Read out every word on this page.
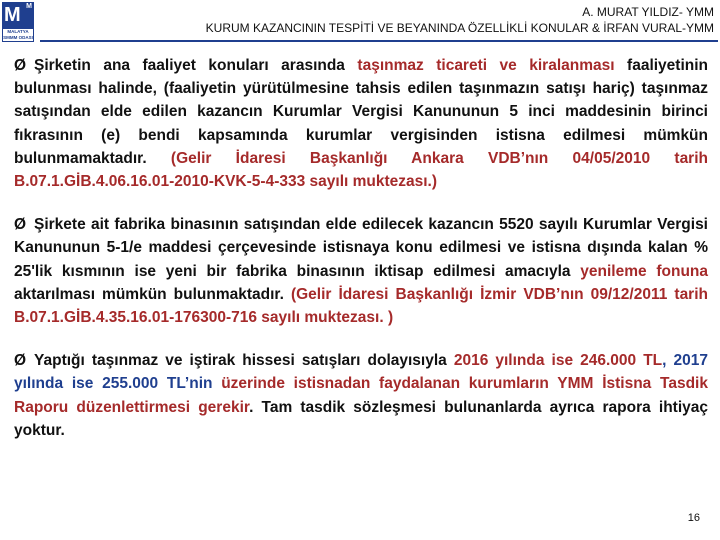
M M
MALATYA
SMMM ODASI
A. MURAT YILDIZ- YMM
KURUM KAZANCININ TESPİTİ VE BEYANINDA ÖZELLİKLİ KONULAR & İRFAN VURAL-YMM

Ø Şirketin ana faaliyet konuları arasında taşınmaz ticareti ve kiralanması faaliyetinin bulunması halinde, (faaliyetin yürütülmesine tahsis edilen taşınmazın satışı hariç) taşınmaz satışından elde edilen kazancın Kurumlar Vergisi Kanununun 5 inci maddesinin birinci fıkrasının (e) bendi kapsamında kurumlar vergisinden istisna edilmesi mümkün bulunmamaktadır. (Gelir İdaresi Başkanlığı Ankara VDB’nın 04/05/2010 tarih B.07.1.GİB.4.06.16.01-2010-KVK-5-4-333 sayılı muktezası.)

Ø Şirkete ait fabrika binasının satışından elde edilecek kazancın 5520 sayılı Kurumlar Vergisi Kanununun 5-1/e maddesi çerçevesinde istisnaya konu edilmesi ve istisna dışında kalan % 25'lik kısmının ise yeni bir fabrika binasının iktisap edilmesi amacıyla yenileme fonuna aktarılması mümkün bulunmaktadır. (Gelir İdaresi Başkanlığı İzmir VDB’nın 09/12/2011 tarih B.07.1.GİB.4.35.16.01-176300-716 sayılı muktezası. )

Ø Yaptığı taşınmaz ve iştirak hissesi satışları dolayısıyla 2016 yılında ise 246.000 TL, 2017 yılında ise 255.000 TL’nin üzerinde istisnadan faydalanan kurumların YMM İstisna Tasdik Raporu düzenlettirmesi gerekir. Tam tasdik sözleşmesi bulunanlarda ayrıca rapora ihtiyaç yoktur.

16
